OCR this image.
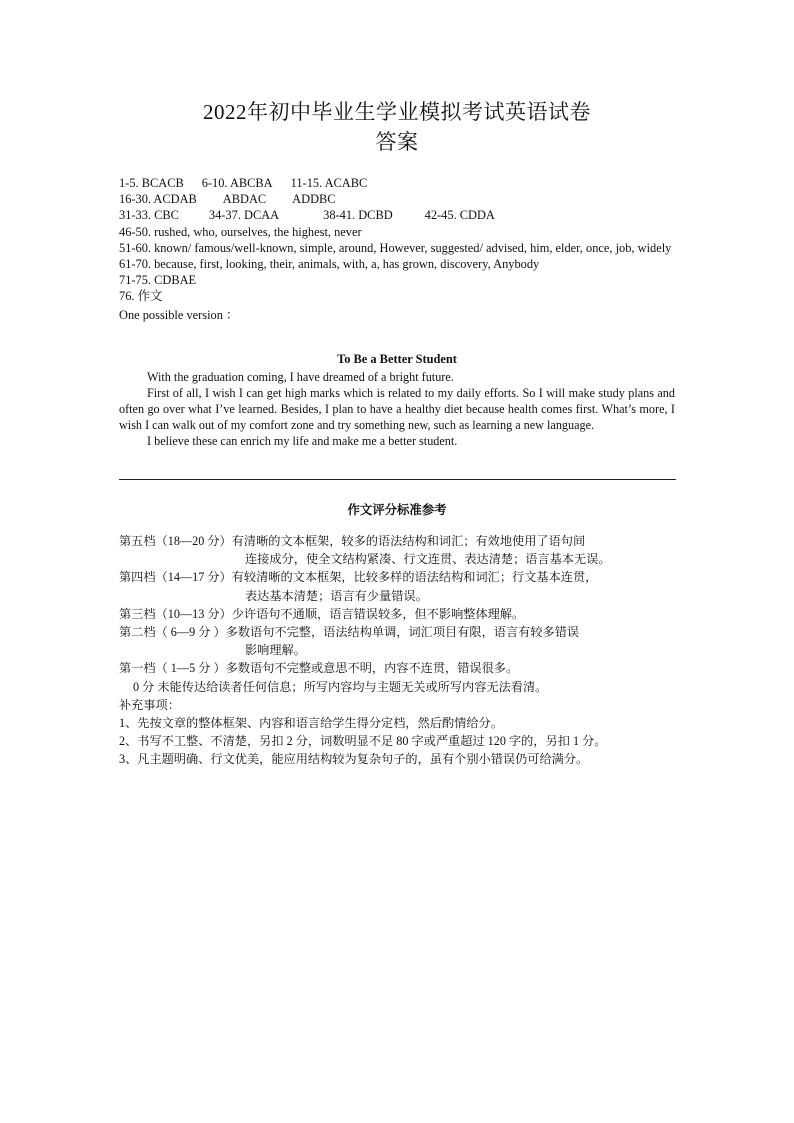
2022年初中毕业生学业模拟考试英语试卷
答案
1-5. BCACB 6-10. ABCBA 11-15. ACABC
16-30. ACDAB ABDAC ADDBC
31-33. CBC 34-37. DCAA	38-41. DCBD	42-45. CDDA
46-50. rushed, who, ourselves, the highest, never
51-60. known/ famous/well-known, simple, around, However, suggested/ advised, him, elder, once, job, widely
61-70. because, first, looking, their, animals, with, a, has grown, discovery, Anybody
71-75. CDBAE
76. 作文
One possible version ：
To Be a Better Student

With the graduation coming, I have dreamed of a bright future.

First of all, I wish I can get high marks which is related to my daily efforts. So I will make study plans and often go over what I’ve learned. Besides, I plan to have a healthy diet because health comes first. What’s more, I wish I can walk out of my comfort zone and try something new, such as learning a new language.

I believe these can enrich my life and make me a better student.

作文评分标准参考
第五档（18—20 分）有清晰的文本框架，较多的语法结构和词汇；有效地使用了语句间
连接成分，使全文结构紧凑、行文连贯、表达清楚；语言基本无误。
第四档（14—17 分）有较清晰的文本框架，比较多样的语法结构和词汇；行文基本连贯，
表达基本清楚；语言有少量错误。
第三档（10—13 分）少许语句不通顺，语言错误较多，但不影响整体理解。
第二档（ 6—9 分 ）多数语句不完整，语法结构单调，词汇项目有限，语言有较多错误
影响理解。
第一档（ 1—5 分 ）多数语句不完整或意思不明，内容不连贯，错误很多。
0 分 未能传达给读者任何信息；所写内容均与主题无关或所写内容无法看清。
补充事项：
1、先按文章的整体框架、内容和语言给学生得分定档，然后酌情给分。
2、书写不工整、不清楚，另扣 2 分，词数明显不足 80 字或严重超过 120 字的，另扣 1 分。
3、凡主题明确、行文优美，能应用结构较为复杂句子的，虽有个别小错误仍可给满分。
